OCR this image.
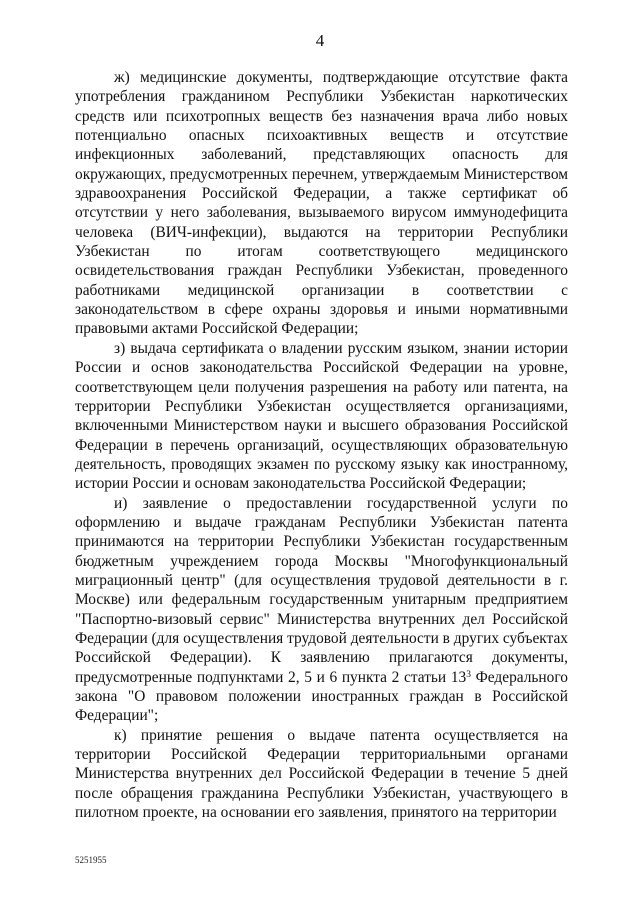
4

ж) медицинские документы, подтверждающие отсутствие факта употребления гражданином Республики Узбекистан наркотических средств или психотропных веществ без назначения врача либо новых потенциально опасных психоактивных веществ и отсутствие инфекционных заболеваний, представляющих опасность для окружающих, предусмотренных перечнем, утверждаемым Министерством здравоохранения Российской Федерации, а также сертификат об отсутствии у него заболевания, вызываемого вирусом иммунодефицита человека (ВИЧ-инфекции), выдаются на территории Республики Узбекистан по итогам соответствующего медицинского освидетельствования граждан Республики Узбекистан, проведенного работниками медицинской организации в соответствии с законодательством в сфере охраны здоровья и иными нормативными правовыми актами Российской Федерации;

з) выдача сертификата о владении русским языком, знании истории России и основ законодательства Российской Федерации на уровне, соответствующем цели получения разрешения на работу или патента, на территории Республики Узбекистан осуществляется организациями, включенными Министерством науки и высшего образования Российской Федерации в перечень организаций, осуществляющих образовательную деятельность, проводящих экзамен по русскому языку как иностранному, истории России и основам законодательства Российской Федерации;

и) заявление о предоставлении государственной услуги по оформлению и выдаче гражданам Республики Узбекистан патента принимаются на территории Республики Узбекистан государственным бюджетным учреждением города Москвы "Многофункциональный миграционный центр" (для осуществления трудовой деятельности в г. Москве) или федеральным государственным унитарным предприятием "Паспортно-визовый сервис" Министерства внутренних дел Российской Федерации (для осуществления трудовой деятельности в других субъектах Российской Федерации). К заявлению прилагаются документы, предусмотренные подпунктами 2, 5 и 6 пункта 2 статьи $13^3$ Федерального закона "О правовом положении иностранных граждан в Российской Федерации";

к) принятие решения о выдаче патента осуществляется на территории Российской Федерации территориальными органами Министерства внутренних дел Российской Федерации в течение 5 дней после обращения гражданина Республики Узбекистан, участвующего в пилотном проекте, на основании его заявления, принятого на территории

5251955
